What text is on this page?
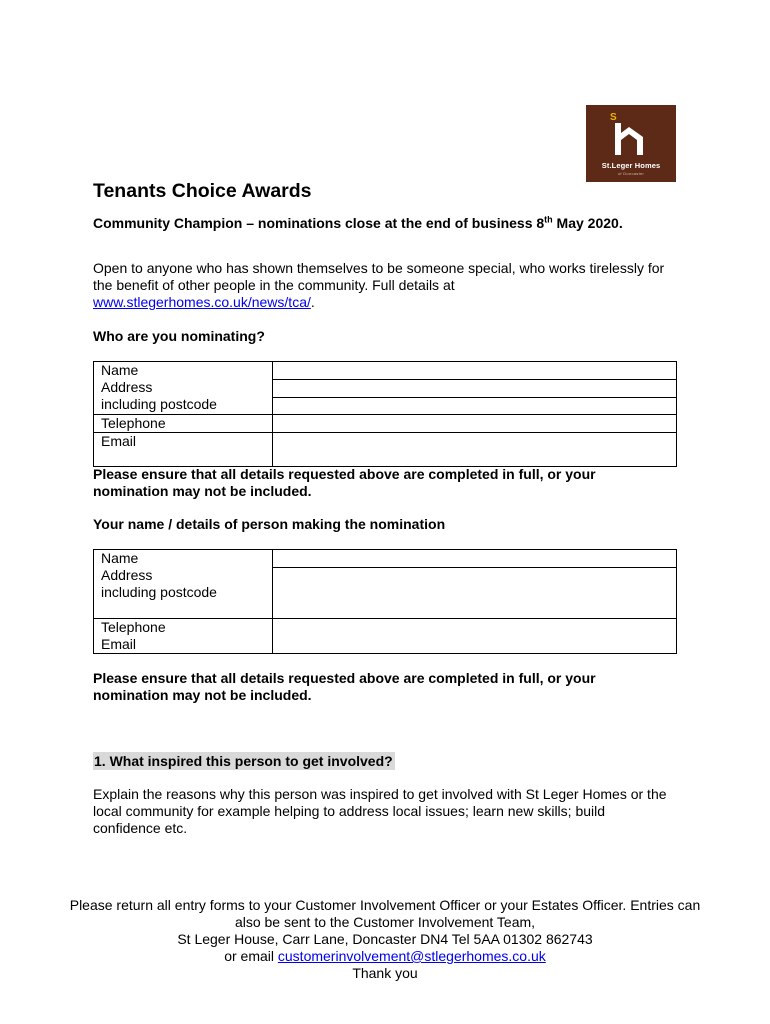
S
St.Leger Homes
of Doncaster
Tenants Choice Awards
Community Champion – nominations close at the end of business 8th May 2020.
Open to anyone who has shown themselves to be someone special, who works tirelessly for the benefit of other people in the community. Full details at www.stlegerhomes.co.uk/news/tca/.
Who are you nominating?
Name
Address
including postcode	

Telephone	
Email	
Please ensure that all details requested above are completed in full, or your nomination may not be included.
Your name / details of person making the nomination
Name
Address
including postcode	

Telephone
Email	

Please ensure that all details requested above are completed in full, or your nomination may not be included.
1. What inspired this person to get involved?
Explain the reasons why this person was inspired to get involved with St Leger Homes or the local community for example helping to address local issues; learn new skills; build confidence etc.
Please return all entry forms to your Customer Involvement Officer or your Estates Officer. Entries can also be sent to the Customer Involvement Team,
St Leger House, Carr Lane, Doncaster DN4 Tel 5AA 01302 862743
or email customerinvolvement@stlegerhomes.co.uk
Thank you
